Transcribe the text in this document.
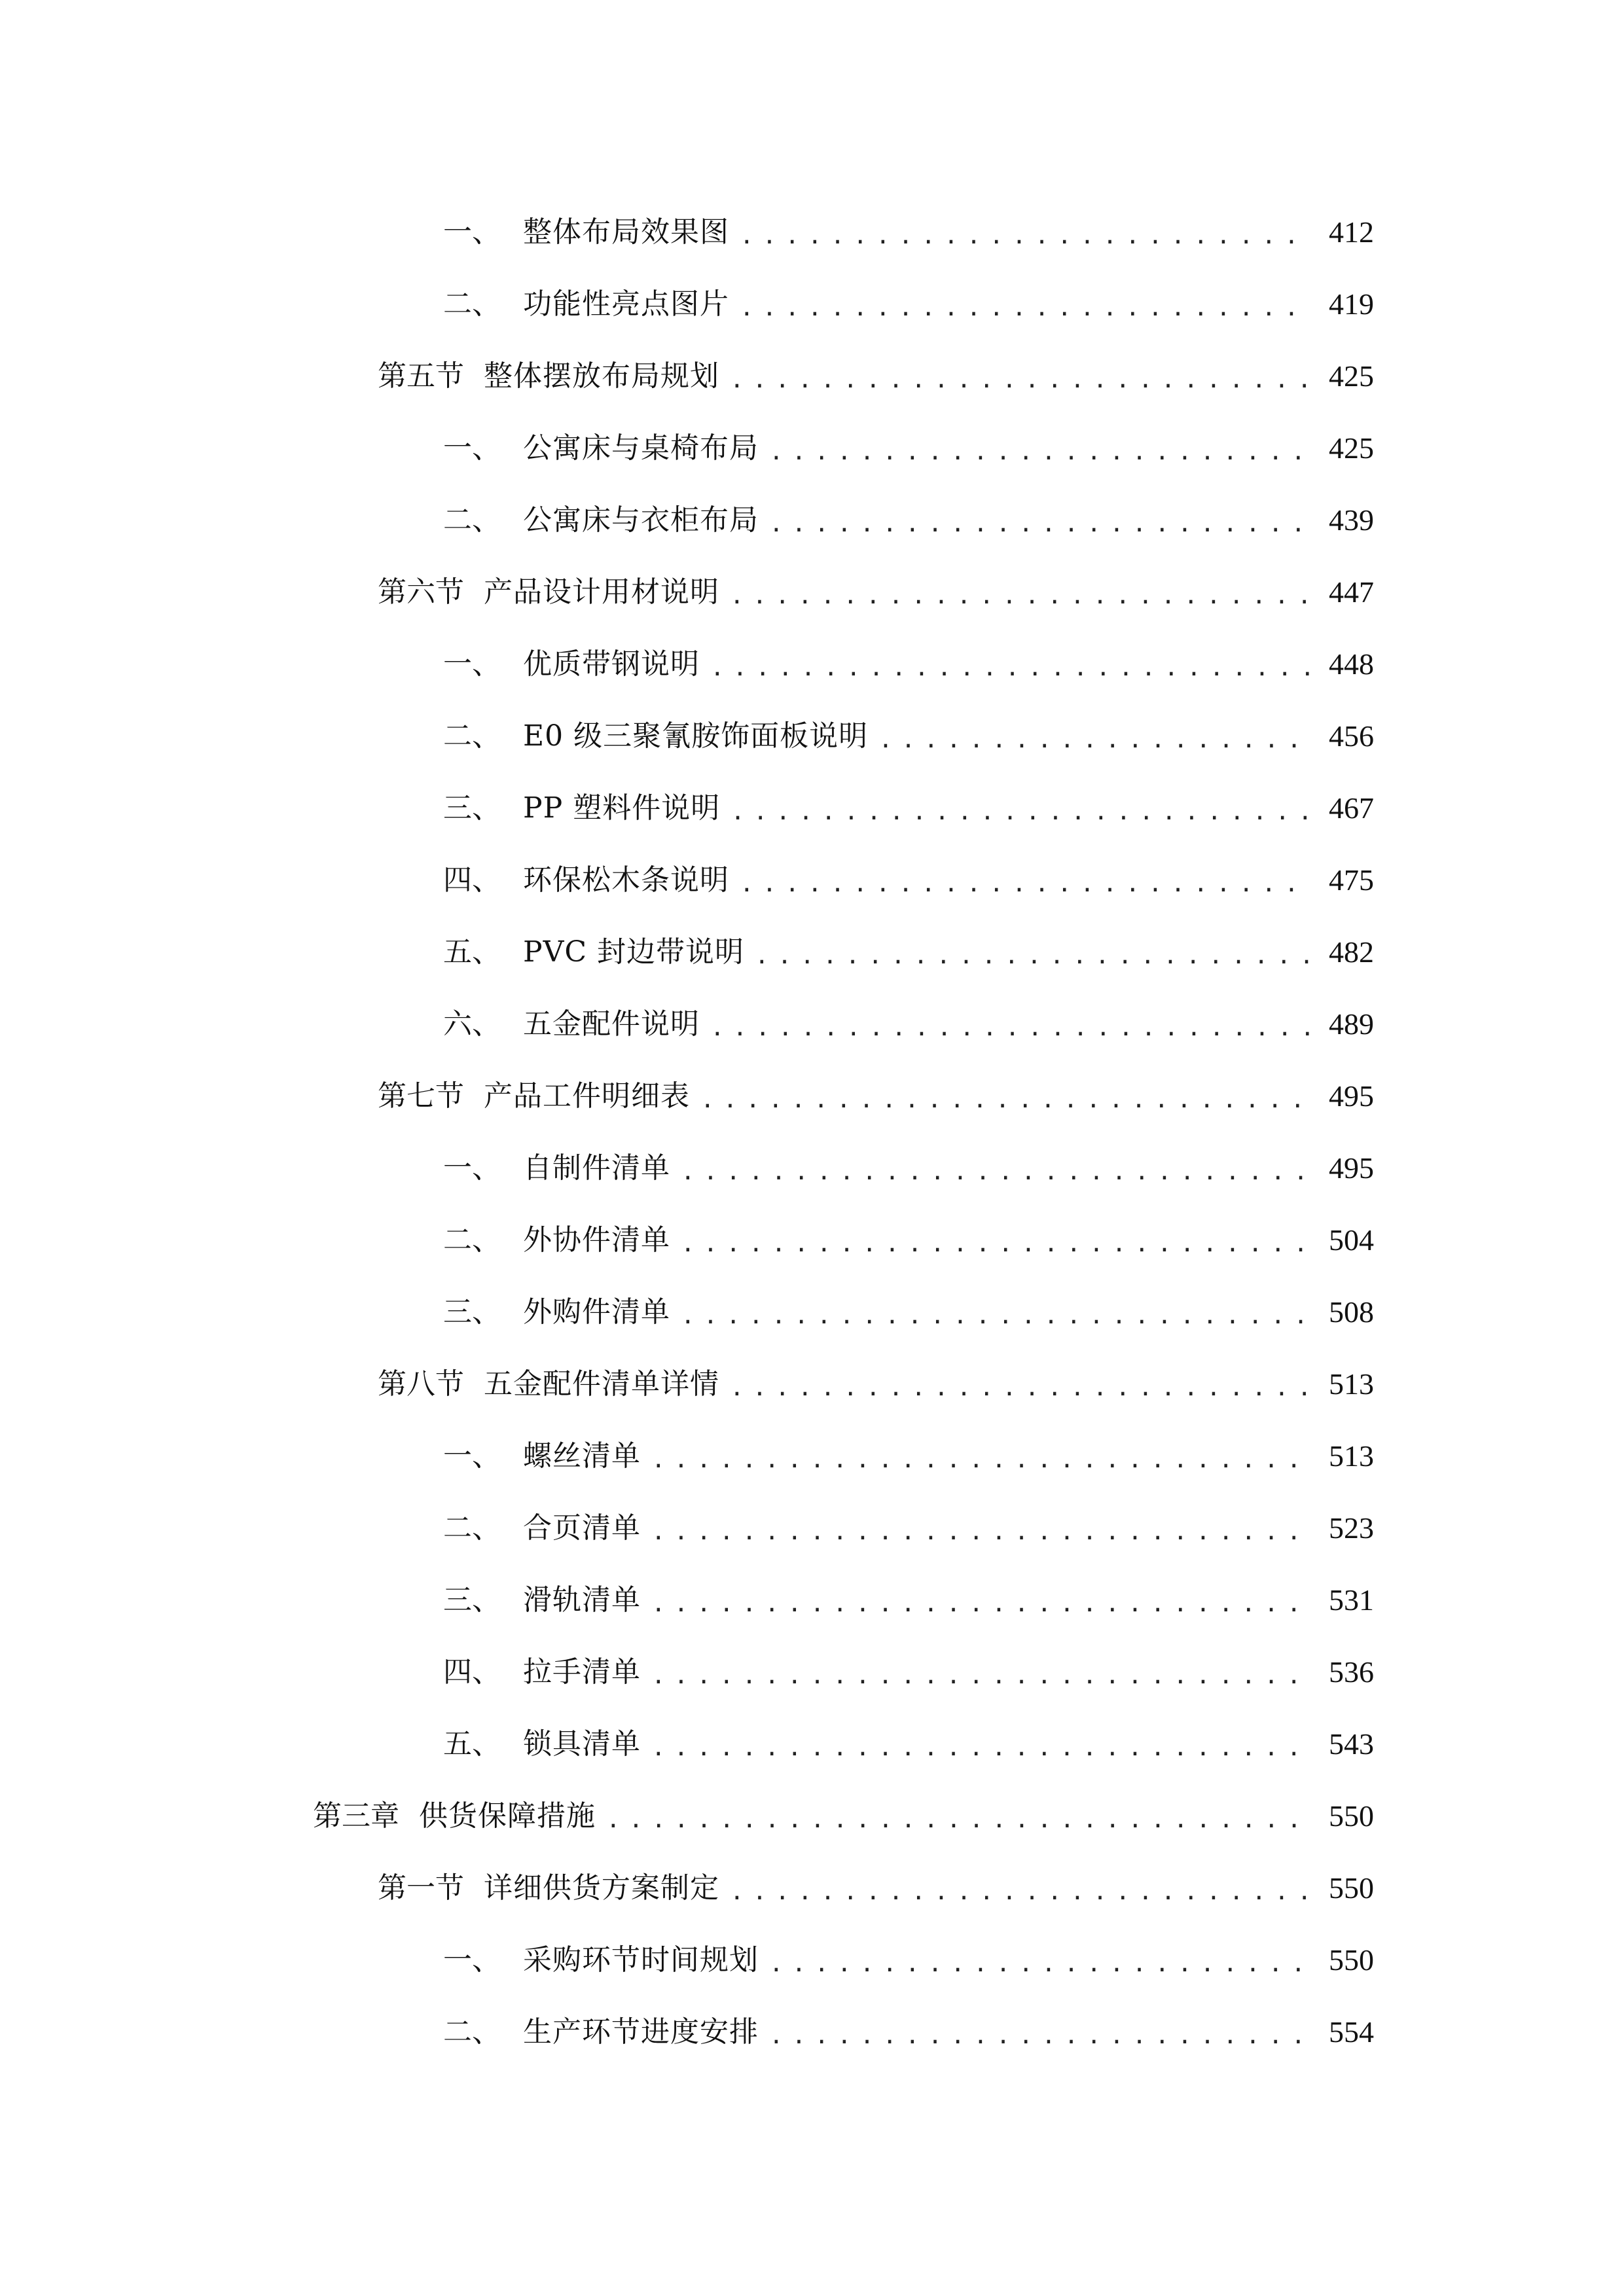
一、 整体布局效果图 .....	412
二、 功能性亮点图片 .....	419
第五节 整体摆放布局规划 .....	425
一、 公寓床与桌椅布局 .....	425
二、 公寓床与衣柜布局 .....	439
第六节 产品设计用材说明 .....	447
一、 优质带钢说明 .....	448
二、 E0 级三聚氰胺饰面板说明 .....	456
三、 PP 塑料件说明 .....	467
四、 环保松木条说明 .....	475
五、 PVC 封边带说明 .....	482
六、 五金配件说明 .....	489
第七节 产品工件明细表 .....	495
一、 自制件清单 .....	495
二、 外协件清单 .....	504
三、 外购件清单 .....	508
第八节 五金配件清单详情 .....	513
一、 螺丝清单 .....	513
二、 合页清单 .....	523
三、 滑轨清单 .....	531
四、 拉手清单 .....	536
五、 锁具清单 .....	543
第三章 供货保障措施 .....	550
第一节 详细供货方案制定 .....	550
一、 采购环节时间规划 .....	550
二、 生产环节进度安排 .....	554
